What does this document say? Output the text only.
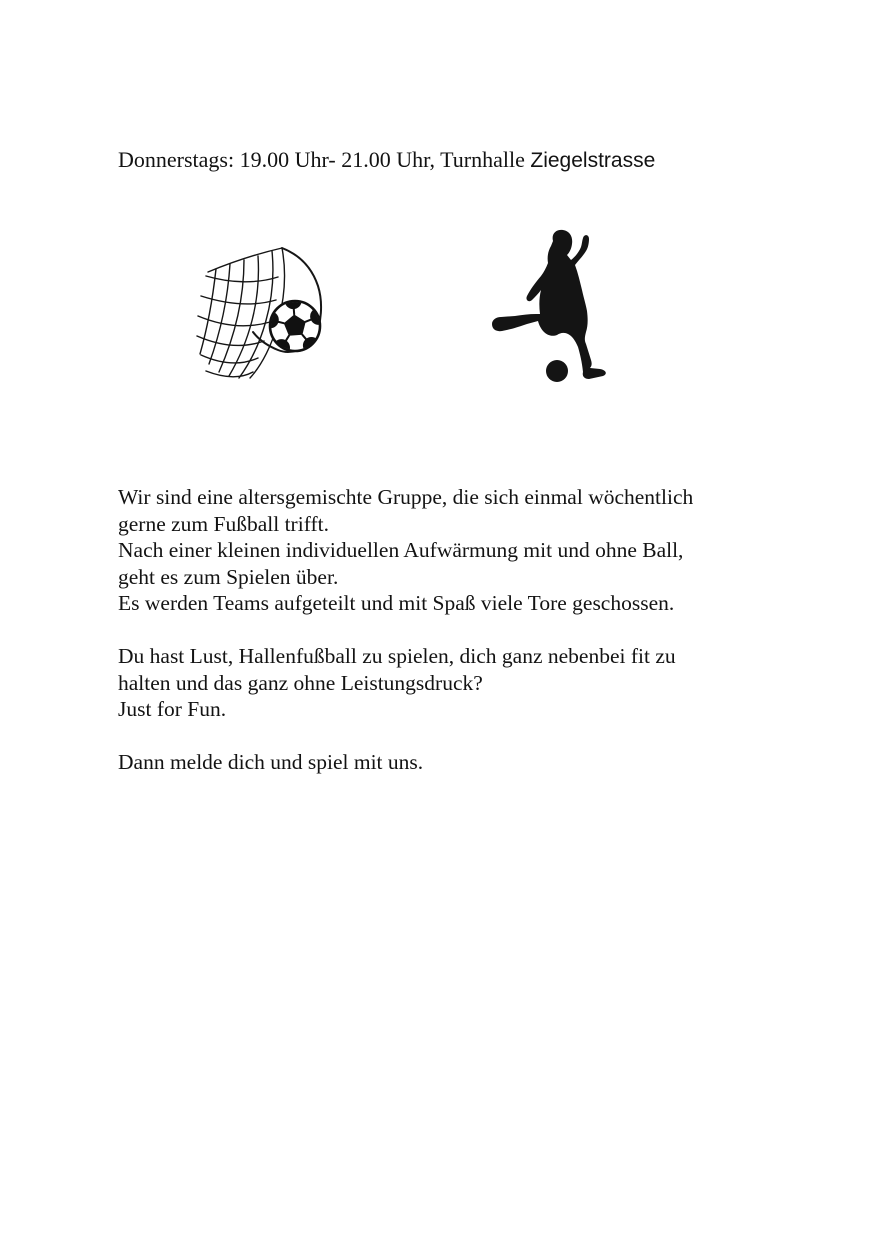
Donnerstags: 19.00 Uhr- 21.00 Uhr, Turnhalle Ziegelstrasse

Wir sind eine altersgemischte Gruppe, die sich einmal wöchentlich
gerne zum Fußball trifft.
Nach einer kleinen individuellen Aufwärmung mit und ohne Ball,
geht es zum Spielen über.
Es werden Teams aufgeteilt und mit Spaß viele Tore geschossen.

Du hast Lust, Hallenfußball zu spielen, dich ganz nebenbei fit zu
halten und das ganz ohne Leistungsdruck?
Just for Fun.

Dann melde dich und spiel mit uns.
